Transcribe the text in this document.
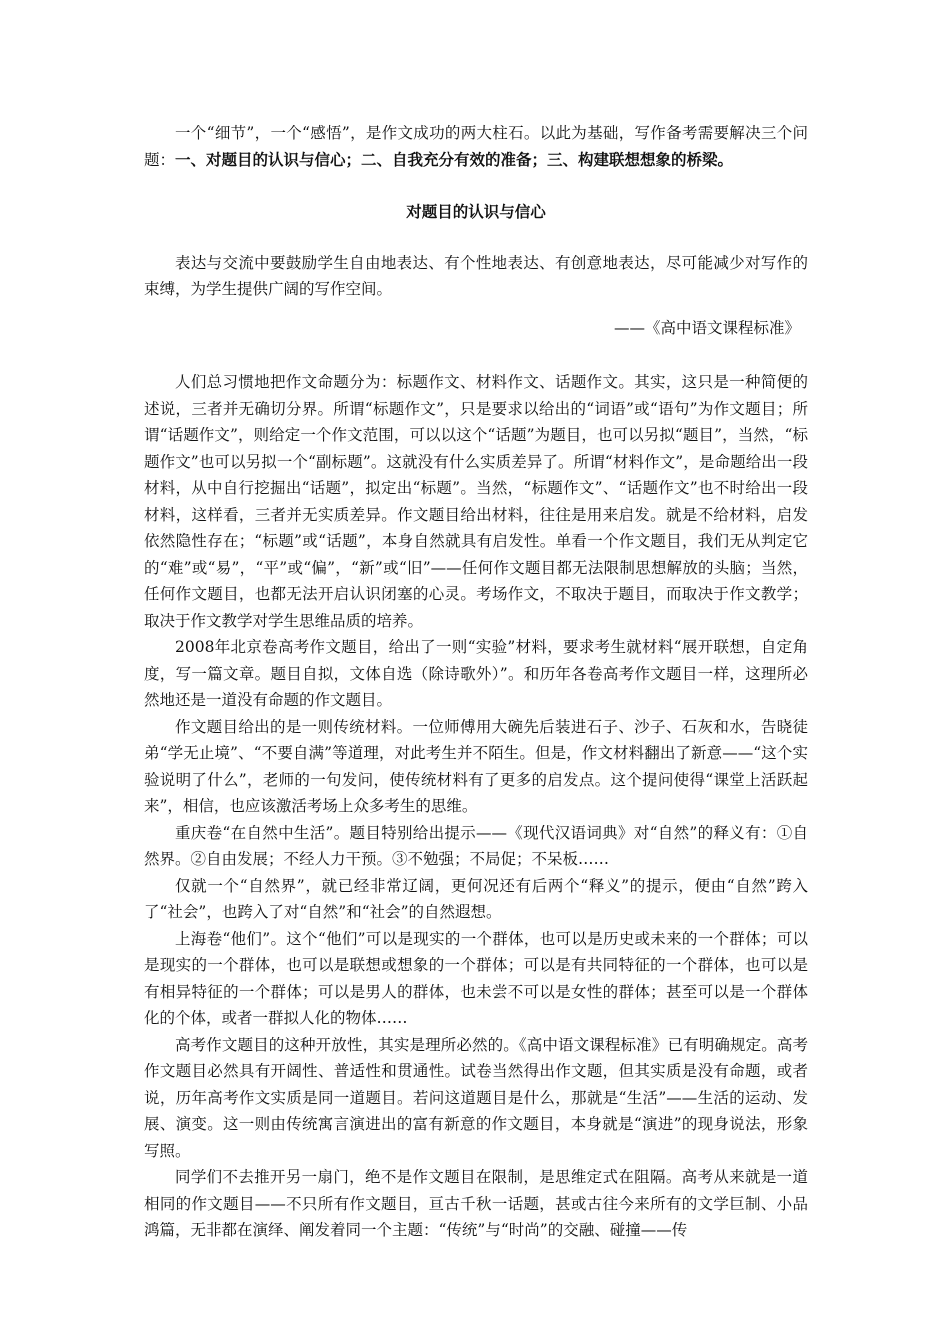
一个“细节”，一个“感悟”，是作文成功的两大柱石。以此为基础，写作备考需要解决三个问题：一、对题目的认识与信心；二、自我充分有效的准备；三、构建联想想象的桥梁。

对题目的认识与信心

表达与交流中要鼓励学生自由地表达、有个性地表达、有创意地表达，尽可能减少对写作的束缚，为学生提供广阔的写作空间。

——《高中语文课程标准》

人们总习惯地把作文命题分为：标题作文、材料作文、话题作文。其实，这只是一种简便的述说，三者并无确切分界。所谓“标题作文”，只是要求以给出的“词语”或“语句”为作文题目；所谓“话题作文”，则给定一个作文范围，可以以这个“话题”为题目，也可以另拟“题目”，当然，“标题作文”也可以另拟一个“副标题”。这就没有什么实质差异了。所谓“材料作文”，是命题给出一段材料，从中自行挖掘出“话题”，拟定出“标题”。当然，“标题作文”、“话题作文”也不时给出一段材料，这样看，三者并无实质差异。作文题目给出材料，往往是用来启发。就是不给材料，启发依然隐性存在；“标题”或“话题”，本身自然就具有启发性。单看一个作文题目，我们无从判定它的“难”或“易”，“平”或“偏”，“新”或“旧”——任何作文题目都无法限制思想解放的头脑；当然，任何作文题目，也都无法开启认识闭塞的心灵。考场作文，不取决于题目，而取决于作文教学；取决于作文教学对学生思维品质的培养。

2008年北京卷高考作文题目，给出了一则“实验”材料，要求考生就材料“展开联想，自定角度，写一篇文章。题目自拟，文体自选（除诗歌外）”。和历年各卷高考作文题目一样，这理所必然地还是一道没有命题的作文题目。

作文题目给出的是一则传统材料。一位师傅用大碗先后装进石子、沙子、石灰和水，告晓徒弟“学无止境”、“不要自满”等道理，对此考生并不陌生。但是，作文材料翻出了新意——“这个实验说明了什么”，老师的一句发问，使传统材料有了更多的启发点。这个提问使得“课堂上活跃起来”，相信，也应该激活考场上众多考生的思维。

重庆卷“在自然中生活”。题目特别给出提示——《现代汉语词典》对“自然”的释义有：①自然界。②自由发展；不经人力干预。③不勉强；不局促；不呆板……

仅就一个“自然界”，就已经非常辽阔，更何况还有后两个“释义”的提示，便由“自然”跨入了“社会”，也跨入了对“自然”和“社会”的自然遐想。

上海卷“他们”。这个“他们”可以是现实的一个群体，也可以是历史或未来的一个群体；可以是现实的一个群体，也可以是联想或想象的一个群体；可以是有共同特征的一个群体，也可以是有相异特征的一个群体；可以是男人的群体，也未尝不可以是女性的群体；甚至可以是一个群体化的个体，或者一群拟人化的物体……

高考作文题目的这种开放性，其实是理所必然的。《高中语文课程标准》已有明确规定。高考作文题目必然具有开阔性、普适性和贯通性。试卷当然得出作文题，但其实质是没有命题，或者说，历年高考作文实质是同一道题目。若问这道题目是什么，那就是“生活”——生活的运动、发展、演变。这一则由传统寓言演进出的富有新意的作文题目，本身就是“演进”的现身说法，形象写照。

同学们不去推开另一扇门，绝不是作文题目在限制，是思维定式在阻隔。高考从来就是一道相同的作文题目——不只所有作文题目，亘古千秋一话题，甚或古往今来所有的文学巨制、小品鸿篇，无非都在演绎、阐发着同一个主题：“传统”与“时尚”的交融、碰撞——传
